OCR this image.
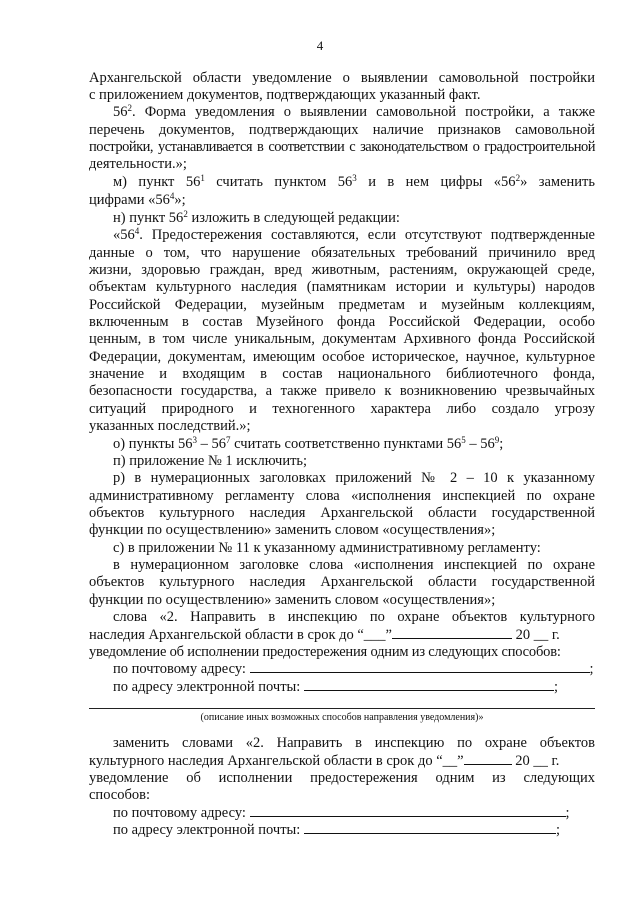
4
Архангельской области уведомление о выявлении самовольной постройки
с приложением документов, подтверждающих указанный факт.
$56^2$. Форма уведомления о выявлении самовольной постройки, а также
перечень документов, подтверждающих наличие признаков самовольной
постройки, устанавливается в соответствии с законодательством о градостроительной
деятельности.»;
м) пункт $56^1$ считать пунктом $56^3$ и в нем цифры «$56^2$» заменить
цифрами «$56^4$»;
н) пункт $56^2$ изложить в следующей редакции:
«$56^4$. Предостережения составляются, если отсутствуют подтвержденные
данные о том, что нарушение обязательных требований причинило вред
жизни, здоровью граждан, вред животным, растениям, окружающей среде,
объектам культурного наследия (памятникам истории и культуры) народов
Российской Федерации, музейным предметам и музейным коллекциям,
включенным в состав Музейного фонда Российской Федерации, особо
ценным, в том числе уникальным, документам Архивного фонда Российской
Федерации, документам, имеющим особое историческое, научное, культурное
значение и входящим в состав национального библиотечного фонда,
безопасности государства, а также привело к возникновению чрезвычайных
ситуаций природного и техногенного характера либо создало угрозу
указанных последствий.»;
о) пункты $56^3 - 56^7$ считать соответственно пунктами $56^5 - 56^9$;
п) приложение № 1 исключить;
р) в нумерационных заголовках приложений № 2 – 10 к указанному
административному регламенту слова «исполнения инспекцией по охране
объектов культурного наследия Архангельской области государственной
функции по осуществлению» заменить словом «осуществления»;
с) в приложении № 11 к указанному административному регламенту:
в нумерационном заголовке слова «исполнения инспекцией по охране
объектов культурного наследия Архангельской области государственной
функции по осуществлению» заменить словом «осуществления»;
слова «2. Направить в инспекцию по охране объектов культурного
наследия Архангельской области в срок до “___”	20 __ г.
уведомление об исполнении предостережения одним из следующих способов:
по почтовому адресу:	;
по адресу электронной почты:	;
(описание иных возможных способов направления уведомления)»
заменить словами «2. Направить в инспекцию по охране объектов
культурного наследия Архангельской области в срок до “__”	20 __ г.
уведомление об исполнении предостережения одним из следующих
способов:
по почтовому адресу:	;
по адресу электронной почты:	;
